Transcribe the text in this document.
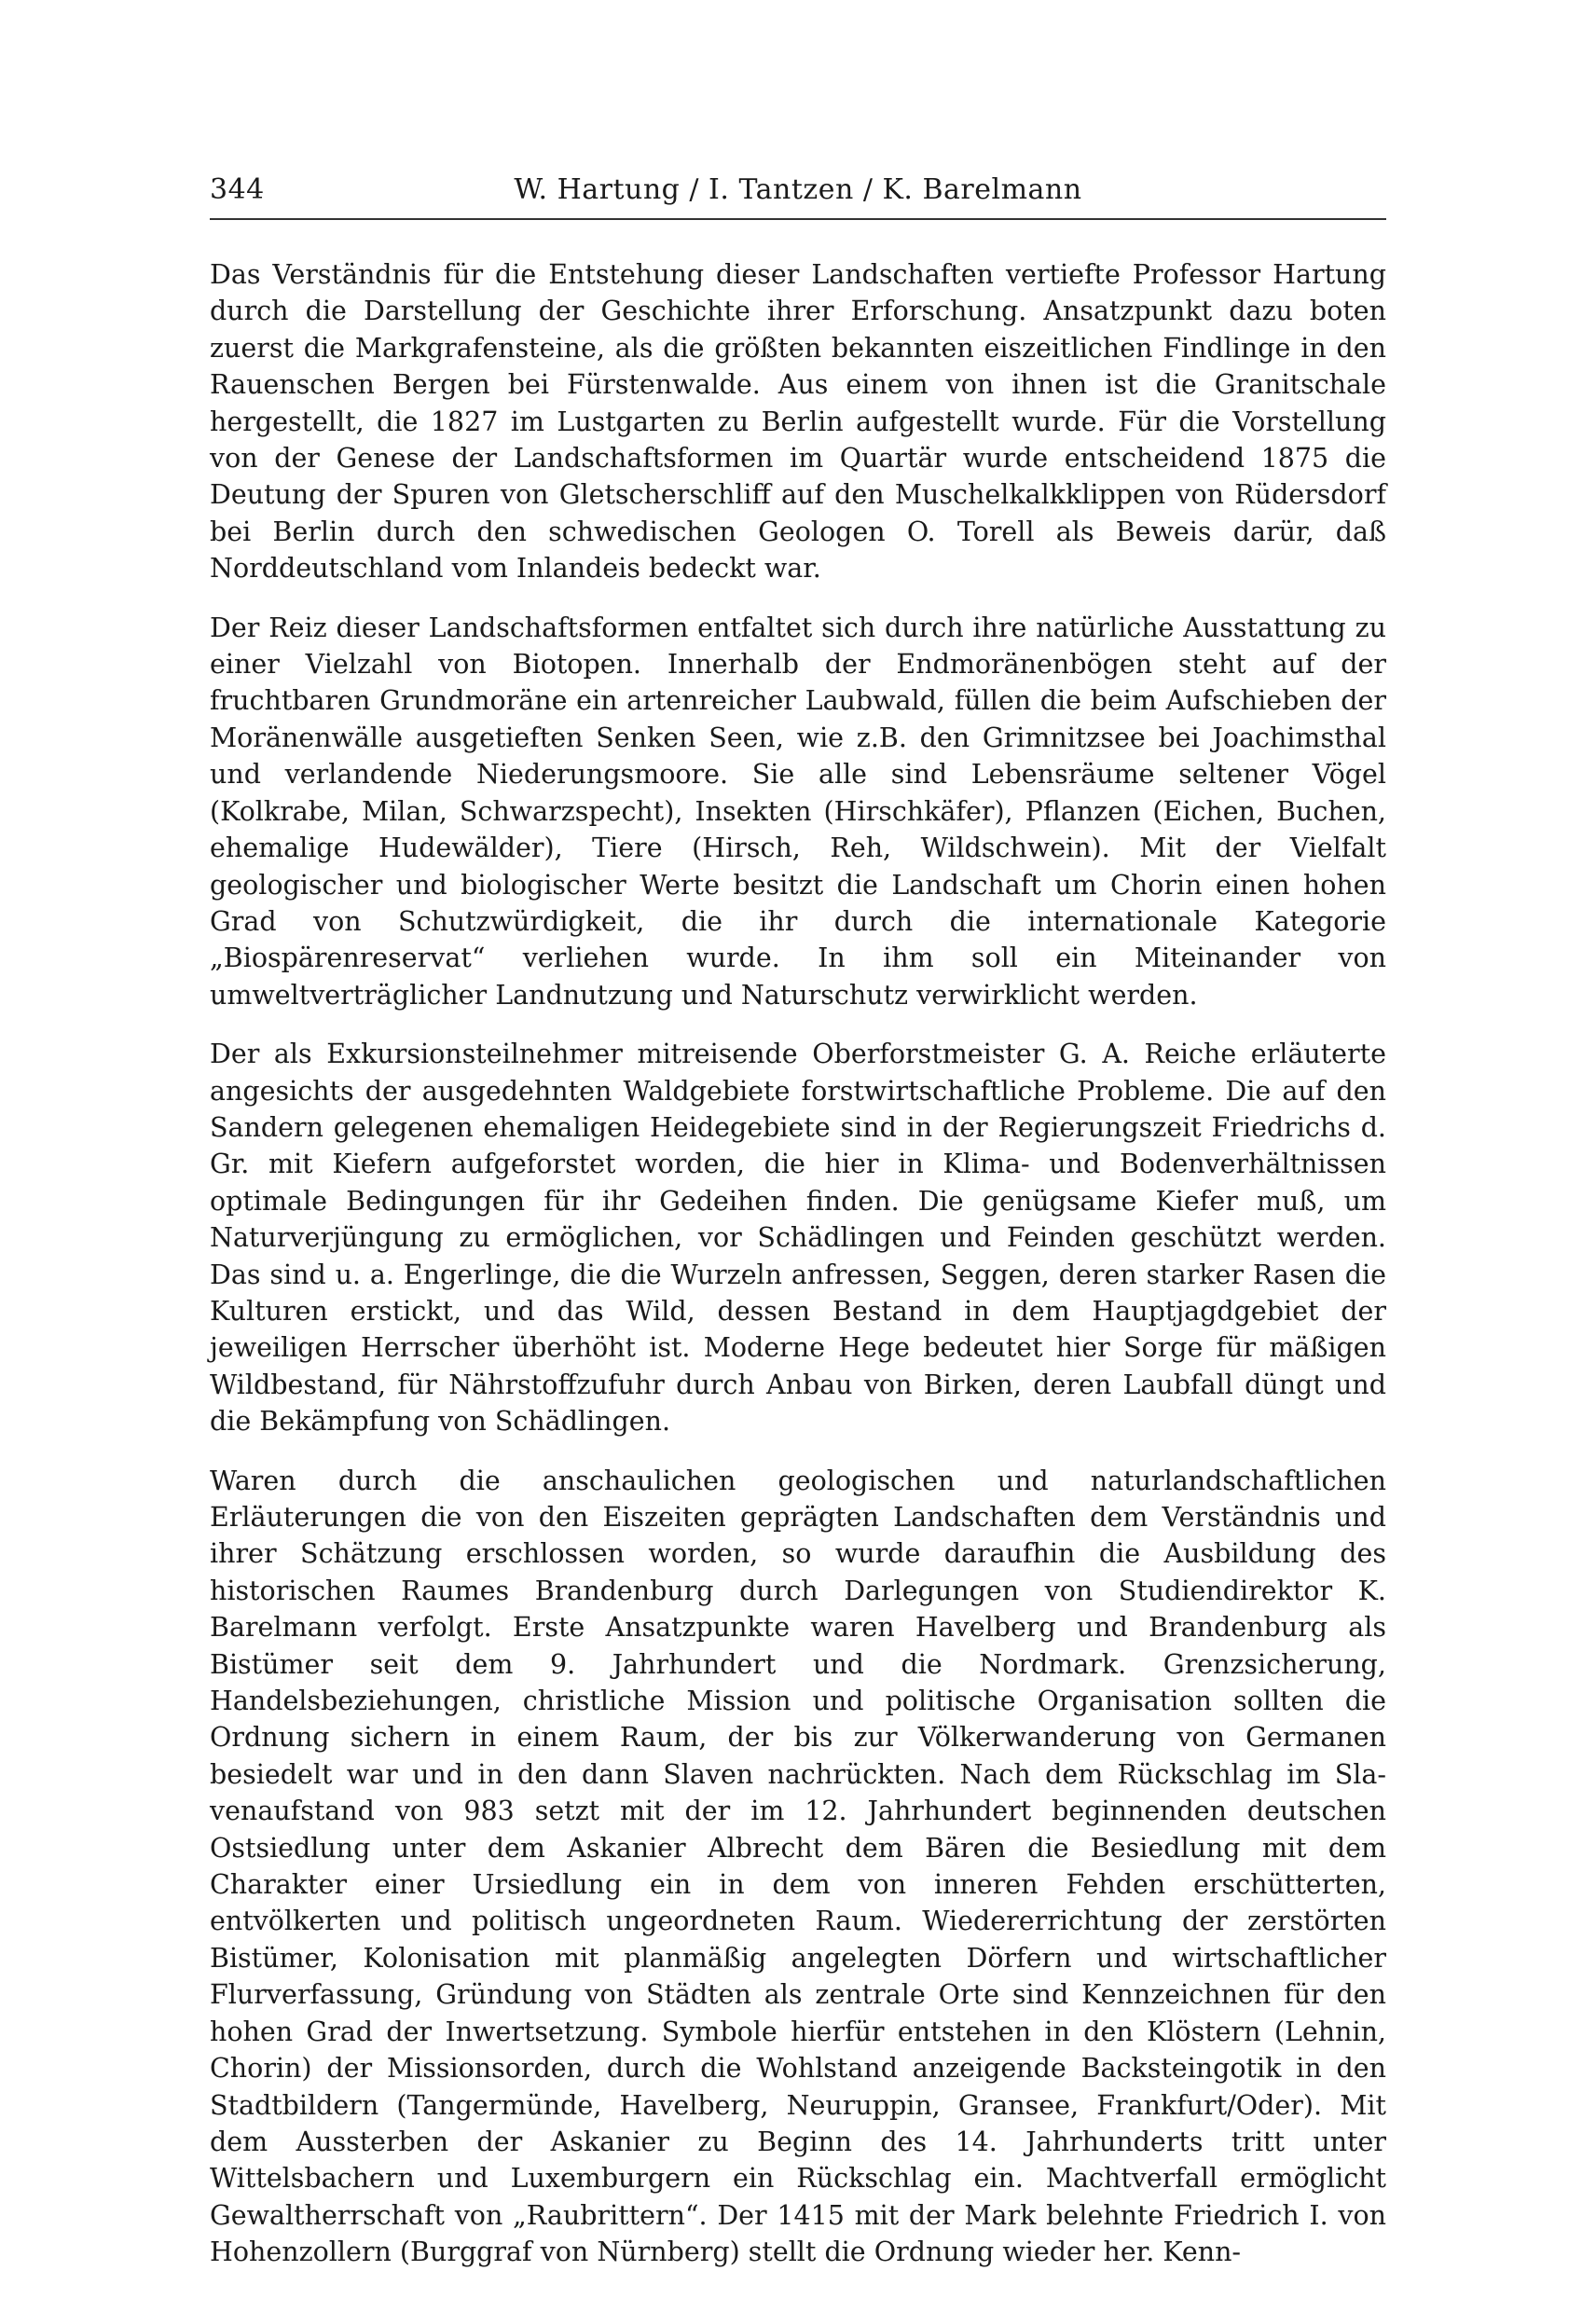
344	W. Hartung / I. Tantzen / K. Barelmann

Das Verständnis für die Entstehung dieser Landschaften vertiefte Professor Hartung durch die Darstellung der Geschichte ihrer Erforschung. Ansatzpunkt dazu boten zuerst die Markgrafensteine, als die größten bekannten eiszeitlichen Findlinge in den Rauenschen Bergen bei Fürstenwalde. Aus einem von ihnen ist die Granitschale hergestellt, die 1827 im Lustgarten zu Berlin aufgestellt wurde. Für die Vorstellung von der Genese der Landschaftsformen im Quartär wurde entscheidend 1875 die Deutung der Spuren von Gletscherschliff auf den Muschelkalkklippen von Rüdersdorf bei Berlin durch den schwedischen Geologen O. Torell als Beweis darür, daß Norddeutschland vom Inlandeis bedeckt war.

Der Reiz dieser Landschaftsformen entfaltet sich durch ihre natürliche Ausstattung zu einer Vielzahl von Biotopen. Innerhalb der Endmoränenbögen steht auf der fruchtbaren Grundmoräne ein artenreicher Laubwald, füllen die beim Aufschieben der Moränenwälle ausgetieften Senken Seen, wie z.B. den Grimnitzsee bei Joachimsthal und verlandende Niederungsmoore. Sie alle sind Lebensräume seltener Vögel (Kolkrabe, Milan, Schwarzspecht), Insekten (Hirschkäfer), Pflanzen (Eichen, Buchen, ehemalige Hudewälder), Tiere (Hirsch, Reh, Wildschwein). Mit der Vielfalt geologischer und biologischer Werte besitzt die Landschaft um Chorin einen hohen Grad von Schutzwürdigkeit, die ihr durch die internationale Kategorie „Biospärenreservat“ verliehen wurde. In ihm soll ein Miteinander von umweltverträglicher Landnutzung und Naturschutz verwirklicht werden.

Der als Exkursionsteilnehmer mitreisende Oberforstmeister G. A. Reiche erläuterte angesichts der ausgedehnten Waldgebiete forstwirtschaftliche Probleme. Die auf den Sandern gelegenen ehemaligen Heidegebiete sind in der Regierungszeit Friedrichs d. Gr. mit Kiefern aufgeforstet worden, die hier in Klima- und Bodenverhältnissen optimale Bedingungen für ihr Gedeihen finden. Die genügsame Kiefer muß, um Naturverjüngung zu ermöglichen, vor Schädlingen und Feinden geschützt werden. Das sind u. a. Engerlinge, die die Wurzeln anfressen, Seggen, deren starker Rasen die Kulturen erstickt, und das Wild, dessen Bestand in dem Hauptjagdgebiet der jeweiligen Herrscher überhöht ist. Moderne Hege bedeutet hier Sorge für mäßigen Wildbestand, für Nährstoffzufuhr durch Anbau von Birken, deren Laubfall düngt und die Bekämpfung von Schädlingen.

Waren durch die anschaulichen geologischen und naturlandschaftlichen Erläuterungen die von den Eiszeiten geprägten Landschaften dem Verständnis und ihrer Schätzung erschlossen worden, so wurde daraufhin die Ausbildung des historischen Raumes Brandenburg durch Darlegungen von Studiendirektor K. Barelmann verfolgt. Erste Ansatzpunkte waren Havelberg und Brandenburg als Bistümer seit dem 9. Jahrhundert und die Nordmark. Grenzsicherung, Handelsbeziehungen, christliche Mission und politische Organisation sollten die Ordnung sichern in einem Raum, der bis zur Völkerwanderung von Germanen besiedelt war und in den dann Slaven nachrückten. Nach dem Rückschlag im Slavenaufstand von 983 setzt mit der im 12. Jahrhundert beginnenden deutschen Ostsiedlung unter dem Askanier Albrecht dem Bären die Besiedlung mit dem Charakter einer Ursiedlung ein in dem von inneren Fehden erschütterten, entvölkerten und politisch ungeordneten Raum. Wiedererrichtung der zerstörten Bistümer, Kolonisation mit planmäßig angelegten Dörfern und wirtschaftlicher Flurverfassung, Gründung von Städten als zentrale Orte sind Kennzeichnen für den hohen Grad der Inwertsetzung. Symbole hierfür entstehen in den Klöstern (Lehnin, Chorin) der Missionsorden, durch die Wohlstand anzeigende Backsteingotik in den Stadtbildern (Tangermünde, Havelberg, Neuruppin, Gransee, Frankfurt/Oder). Mit dem Aussterben der Askanier zu Beginn des 14. Jahrhunderts tritt unter Wittelsbachern und Luxemburgern ein Rückschlag ein. Machtverfall ermöglicht Gewaltherrschaft von „Raubrittern“. Der 1415 mit der Mark belehnte Friedrich I. von Hohenzollern (Burggraf von Nürnberg) stellt die Ordnung wieder her. Kenn-
